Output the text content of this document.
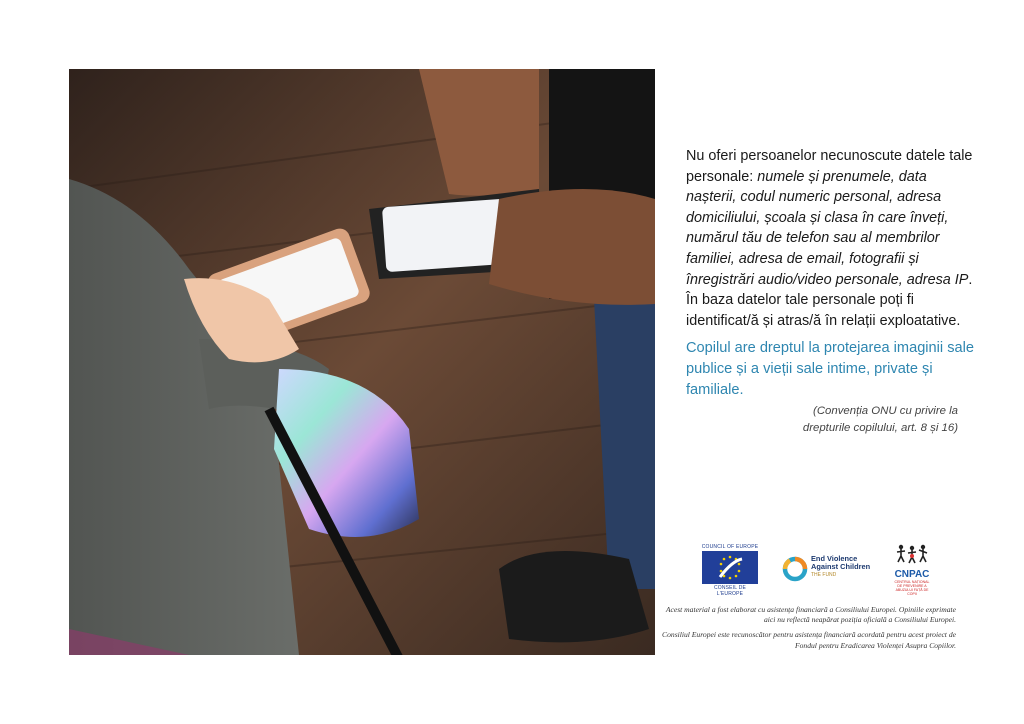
Nu oferi persoanelor necunoscute datele tale personale: numele și prenumele, data nașterii, codul numeric personal, adresa domiciliului, școala și clasa în care înveți, numărul tău de telefon sau al membrilor familiei, adresa de email, fotografii și înregistrări audio/video personale, adresa IP. În baza datelor tale personale poți fi identificat/ă și atras/ă în relații exploatative.

Copilul are dreptul la protejarea imaginii sale publice și a vieții sale intime, private și familiale.

(Convenția ONU cu privire la
drepturile copilului, art. 8 și 16)

COUNCIL OF EUROPE
CONSEIL DE L'EUROPE
End Violence
Against Children
THE FUND	CNPAC
CENTRUL NAȚIONAL DE PREVENIRE A ABUZULUI FAȚĂ DE COPII

Acest material a fost elaborat cu asistența financiară a Consiliului Europei. Opiniile exprimate aici nu reflectă neapărat poziția oficială a Consiliului Europei.

Consiliul Europei este recunoscător pentru asistența financiară acordată pentru acest proiect de Fondul pentru Eradicarea Violenței Asupra Copiilor.
